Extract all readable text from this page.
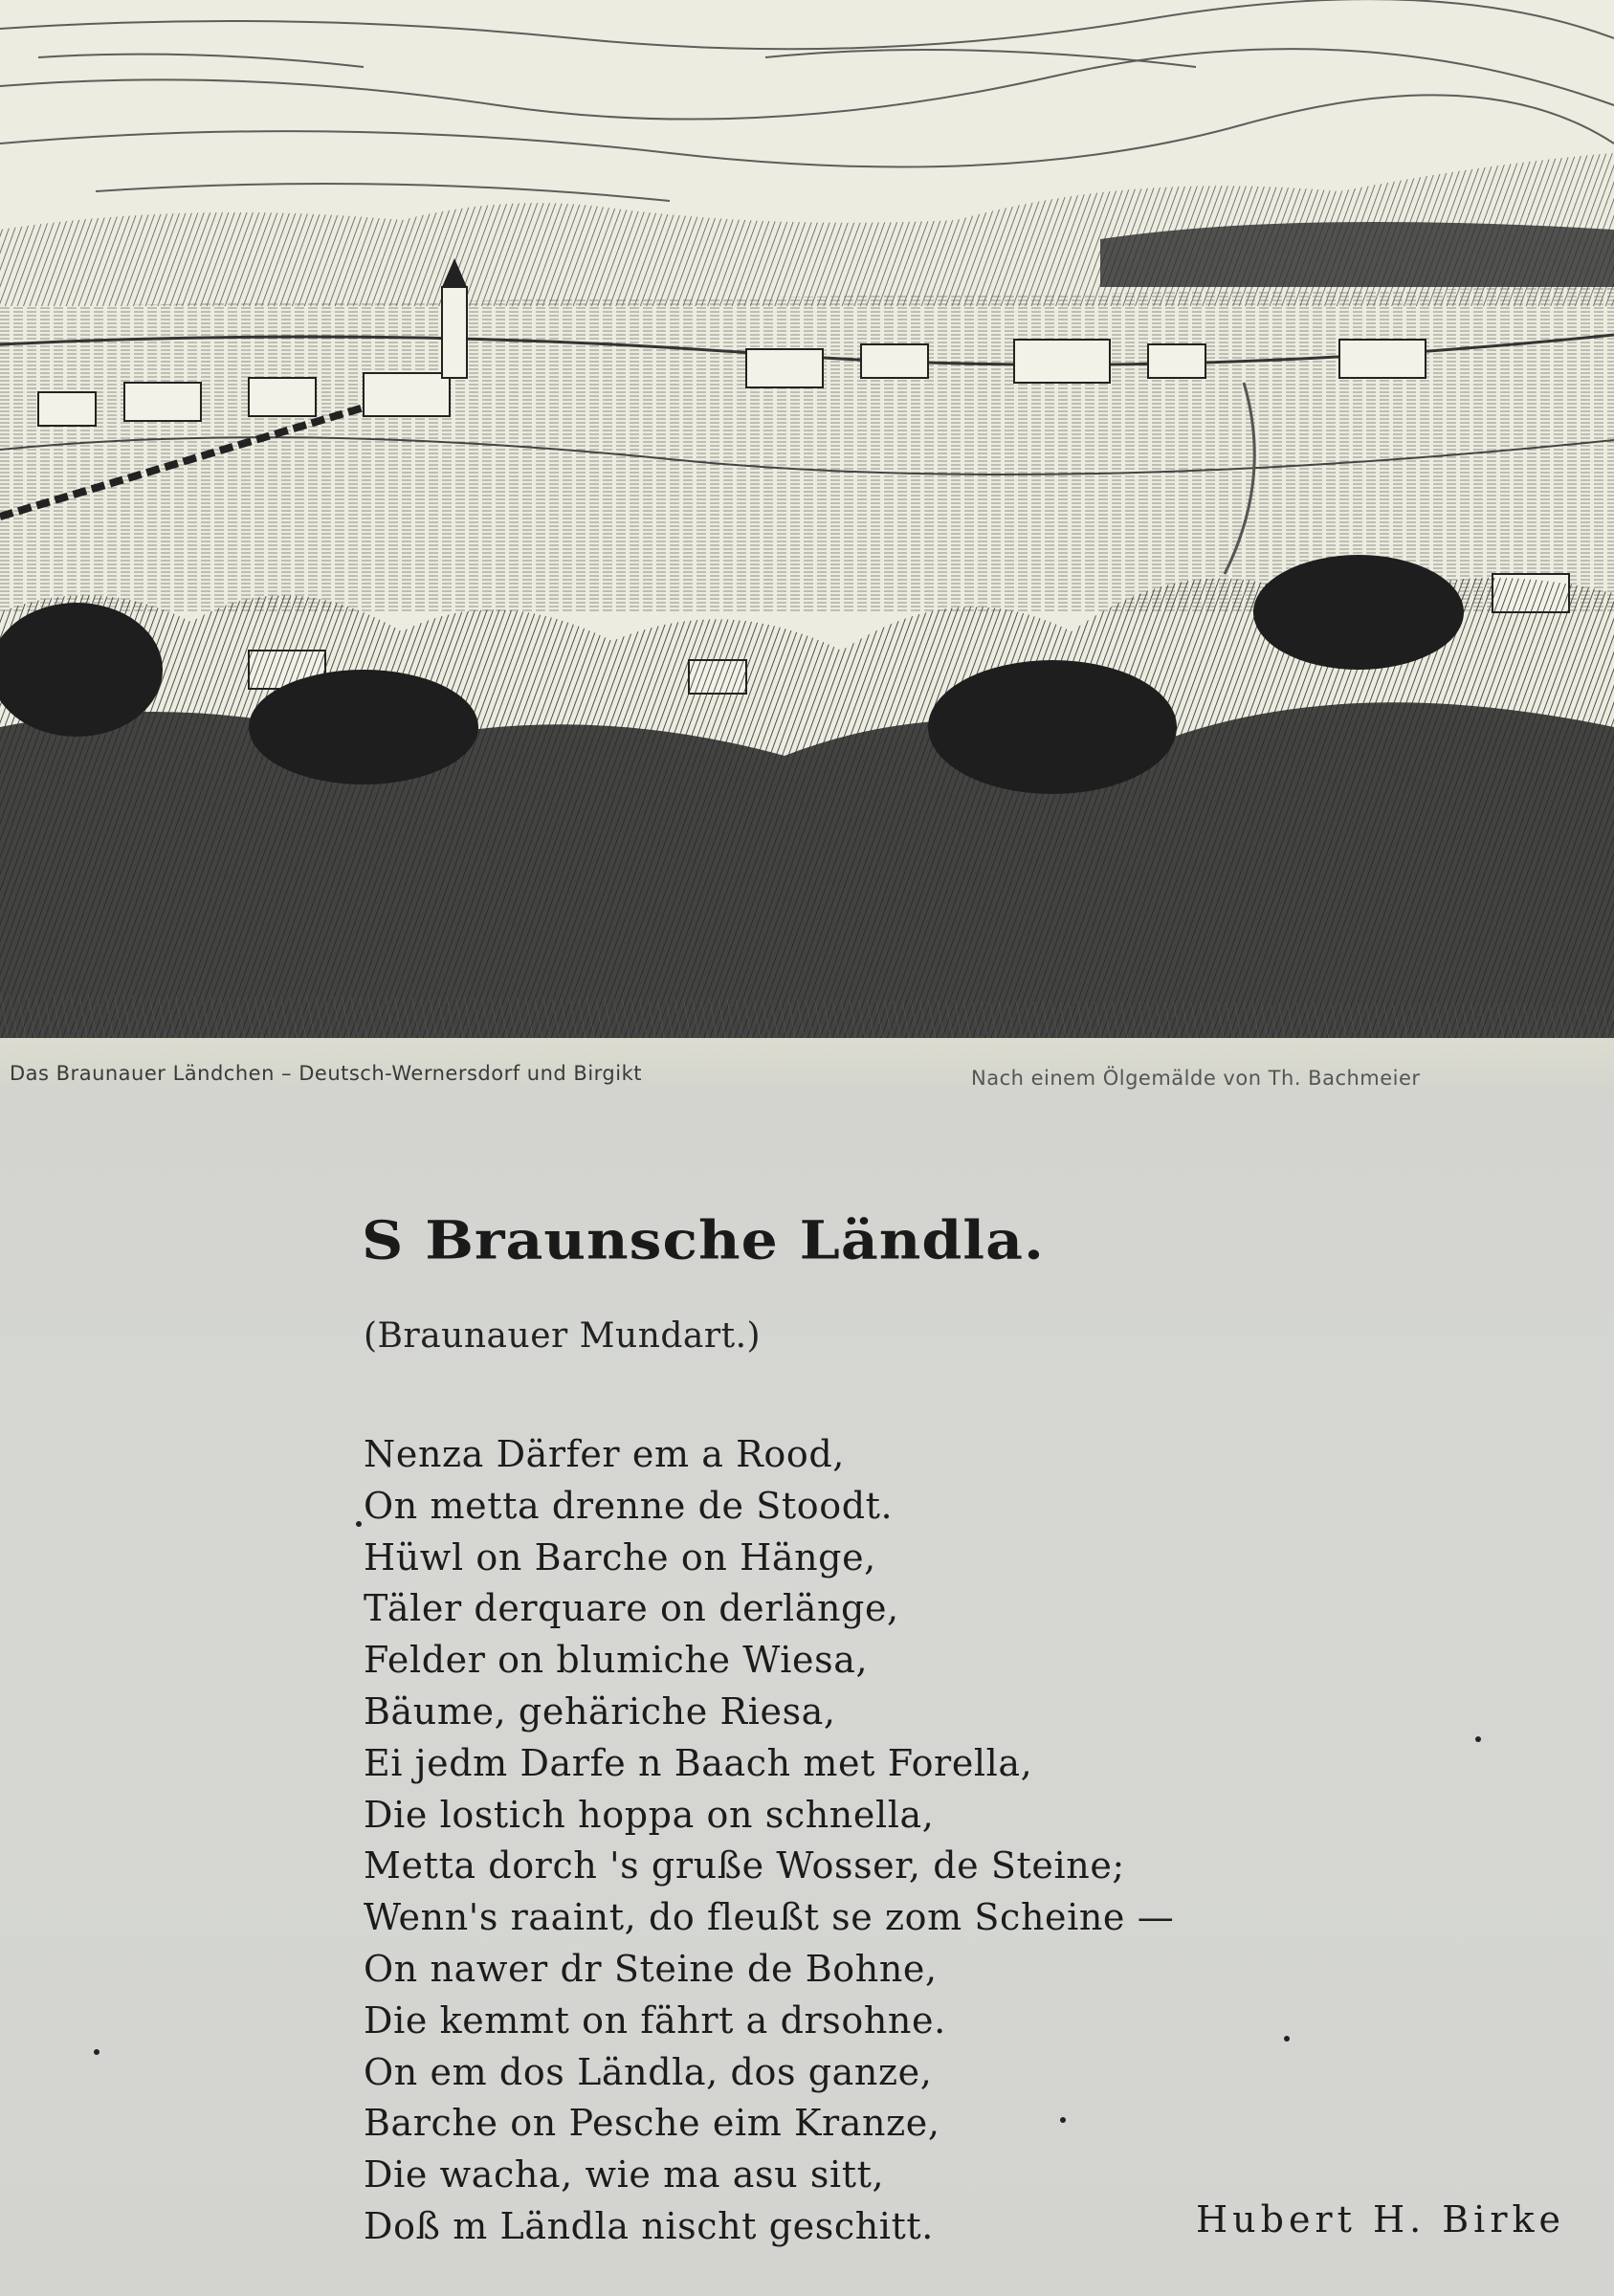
Das Braunauer Ländchen – Deutsch-Wernersdorf und Birgikt	Nach einem Ölgemälde von Th. Bachmeier
S Braunsche Ländla.
(Braunauer Mundart.)
Nenza Därfer em a Rood,
On metta drenne de Stoodt.
Hüwl on Barche on Hänge,
Täler derquare on derlänge,
Felder on blumiche Wiesa,
Bäume, gehäriche Riesa,
Ei jedm Darfe n Baach met Forella,
Die lostich hoppa on schnella,
Metta dorch 's gruße Wosser, de Steine;
Wenn's raaint, do fleußt se zom Scheine —
On nawer dr Steine de Bohne,
Die kemmt on fährt a drsohne.
On em dos Ländla, dos ganze,
Barche on Pesche eim Kranze,
Die wacha, wie ma asu sitt,
Doß m Ländla nischt geschitt.	Hubert H. Birke
